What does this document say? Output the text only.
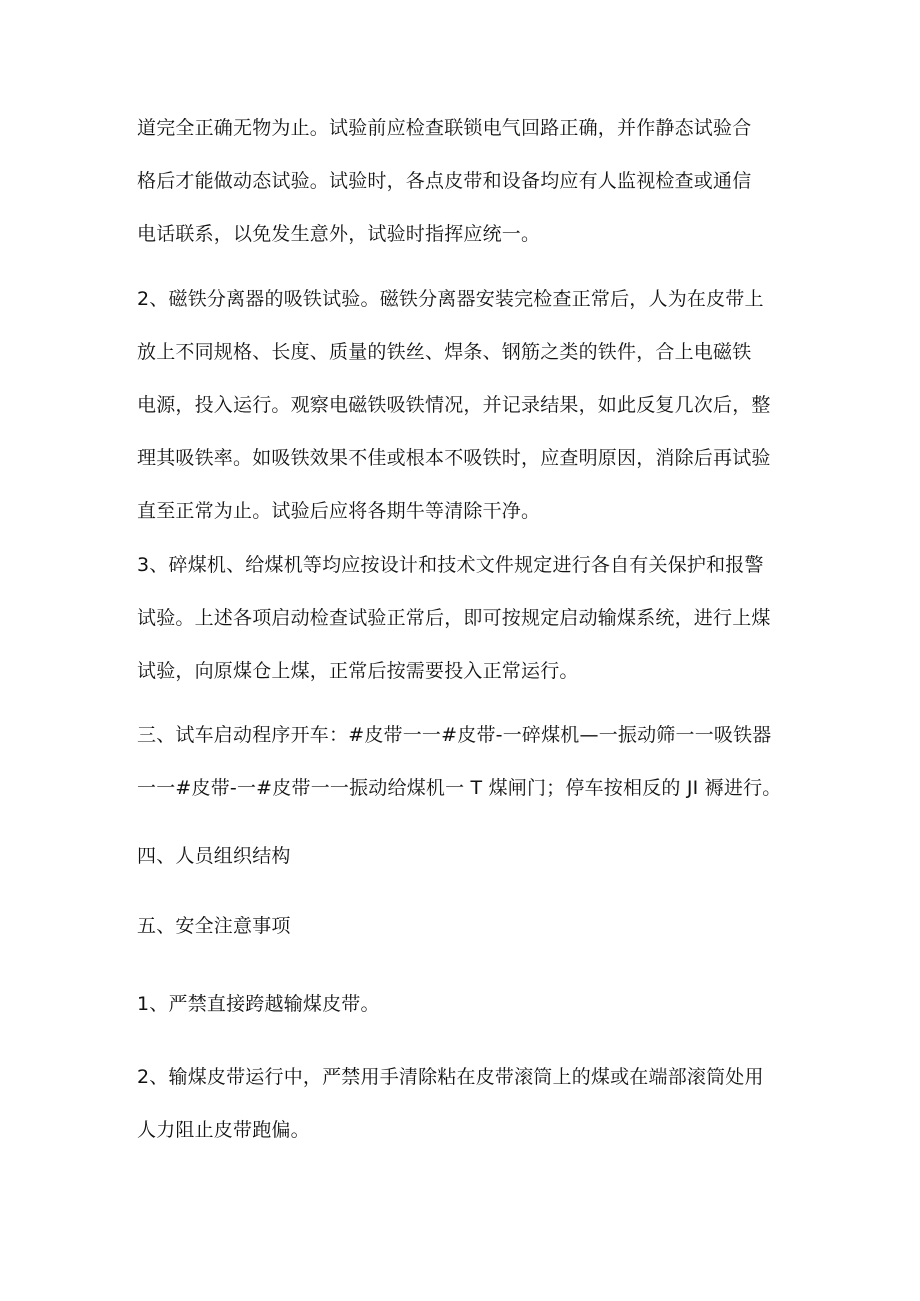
道完全正确无物为止。试验前应检查联锁电气回路正确，并作静态试验合
格后才能做动态试验。试验时，各点皮带和设备均应有人监视检查或通信
电话联系，以免发生意外，试验时指挥应统一。
2、磁铁分离器的吸铁试验。磁铁分离器安装完检查正常后，人为在皮带上
放上不同规格、长度、质量的铁丝、焊条、钢筋之类的铁件，合上电磁铁
电源，投入运行。观察电磁铁吸铁情况，并记录结果，如此反复几次后，整
理其吸铁率。如吸铁效果不佳或根本不吸铁时，应查明原因，消除后再试验
直至正常为止。试验后应将各期牛等清除干净。
3、碎煤机、给煤机等均应按设计和技术文件规定进行各自有关保护和报警
试验。上述各项启动检查试验正常后，即可按规定启动输煤系统，进行上煤
试验，向原煤仓上煤，正常后按需要投入正常运行。
三、试车启动程序开车：#皮带一一#皮带-一碎煤机—一振动筛一一吸铁器
一一#皮带-一#皮带一一振动给煤机一 T 煤闸门；停车按相反的 JI 褥进行。
四、人员组织结构
五、安全注意事项
1、严禁直接跨越输煤皮带。
2、输煤皮带运行中，严禁用手清除粘在皮带滚筒上的煤或在端部滚筒处用
人力阻止皮带跑偏。
